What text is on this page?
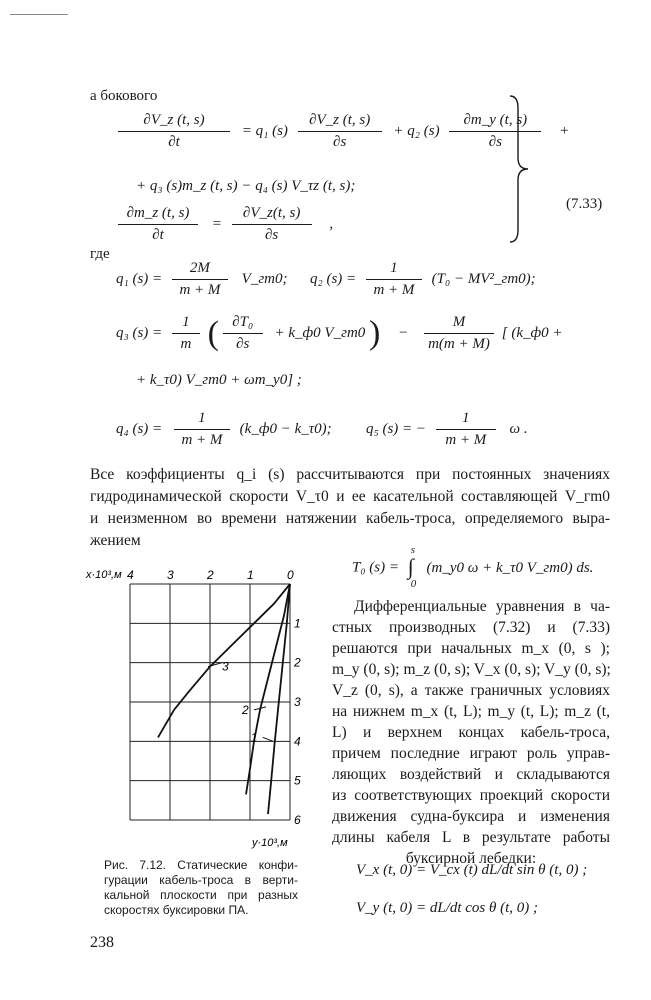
а бокового
$\frac{\partial V\_z (t, s)}{\partial t} = q_1$ $(s) \frac{\partial V\_z (t, s)}{\partial s} + q_2$ $(s) \frac{\partial m\_y (t, s)}{\partial s}$ +
+ q₃ (s)m_z (t, s) − q₄ (s) V_τz (t, s);
$\frac{\partial m\_z (t, s)}{\partial t} = \frac{\partial V\_z(t, s)}{\partial s}$ ,
(7.33)
где
q₁ $(s) = \frac{2M}{m + M}$ V_гm0; q₂ $(s) = \frac{1}{m + M} (T_0$ − MV²_гm0);
q₃ $(s) = \frac{1}{m}$ ( $\frac{\text{∂T₀}}{\partial s}$ + k_ф0 V_гm0 ) − $\frac{M}{m(m + M)}$ [ (k_ф0 +
+ k_τ0) V_гm0 + ωm_y0] ;
q₄ $(s) = \frac{1}{m + M}$ (k_ф0 − k_τ0); q₅ (s) = − $\frac{1}{m + M}$ ω .
Все коэффициенты q_i (s) рассчитываются при постоянных значениях
гидродинамической скорости V_τ0 и ее касательной составляющей V_гm0
и неизменном во времени натяжении кабель-троса, определяемого выра-
жением
T₀ (s) =
s
∫
0
(m_y0 ω + k_τ0 V_гm0) ds.
4	3	2	1	0
1
2
3
4
5
6
3
2
1
x·10³,м
y·10³,м
Дифференциальные уравнения в ча-
стных производных (7.32) и (7.33)
решаются при начальных m_x (0, s );
m_y (0, s); m_z (0, s); V_x (0, s); V_y (0, s);
V_z (0, s), а также граничных условиях
на нижнем m_x (t, L); m_y (t, L); m_z (t,
L) и верхнем концах кабель-троса,
причем последние играют роль управ-
ляющих воздействий и складываются
из соответствующих проекций скорости
движения судна-буксира и изменения
длины кабеля L в результате работы
буксирной лебедки:
V_x (t, 0) = V_cx (t) dL/dt sin θ (t, 0) ;
V_y (t, 0) = dL/dt cos θ (t, 0) ;
Рис. 7.12. Статические конфи-
гурации кабель-троса в верти-
кальной плоскости при разных
скоростях буксировки ПА.
238
